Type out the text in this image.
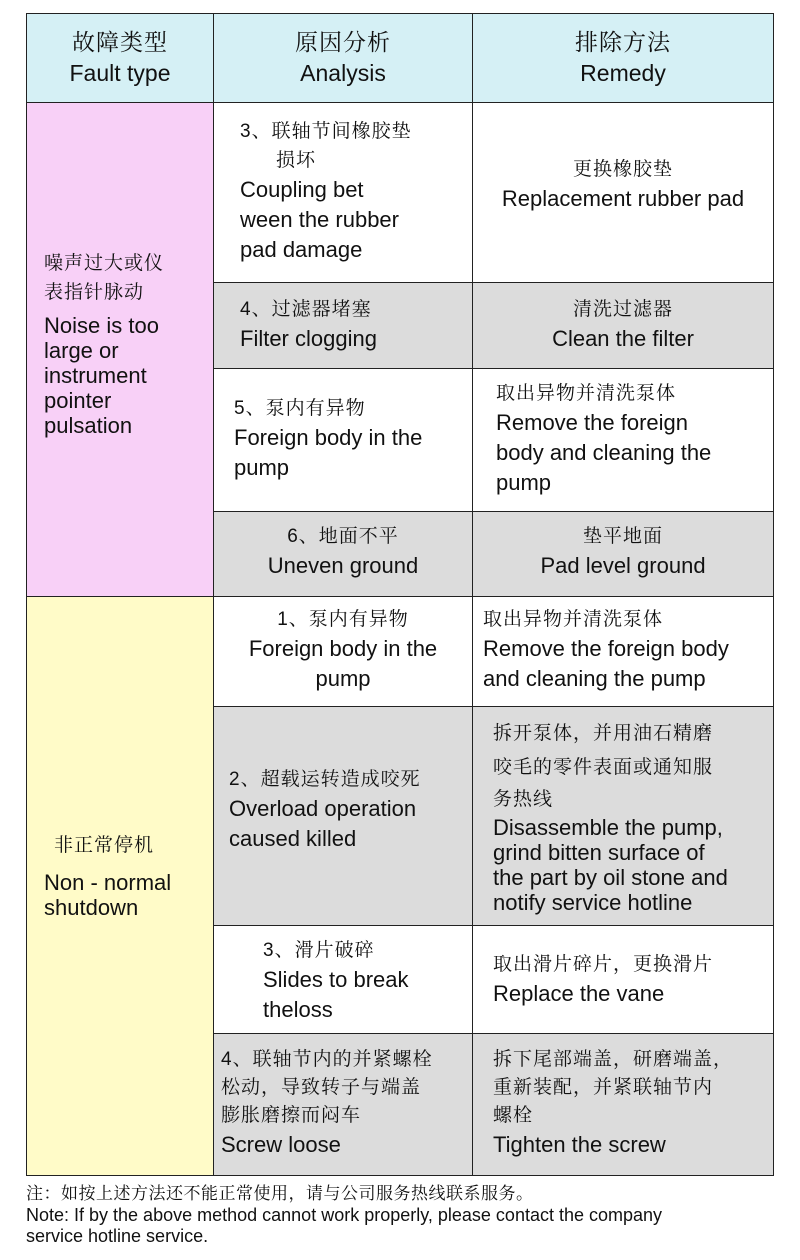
故障类型
Fault type
原因分析
Analysis
排除方法
Remedy
噪声过大或仪
表指针脉动
Noise is too
large or
instrument
pointer
pulsation
3、联轴节间橡胶垫
损坏
Coupling bet
ween the rubber
pad damage
更换橡胶垫
Replacement rubber pad
4、过滤器堵塞
Filter clogging
清洗过滤器
Clean the filter
5、泵内有异物
Foreign body in the
pump
取出异物并清洗泵体
Remove the foreign
body and cleaning the
pump
6、地面不平
Uneven ground
垫平地面
Pad level ground
非正常停机
Non - normal
shutdown
1、泵内有异物
Foreign body in the
pump
取出异物并清洗泵体
Remove the foreign body
and cleaning the pump
2、超载运转造成咬死
Overload operation
caused killed
拆开泵体，并用油石精磨
咬毛的零件表面或通知服
务热线
Disassemble the pump,
grind bitten surface of
the part by oil stone and
notify service hotline
3、滑片破碎
Slides to break
theloss
取出滑片碎片，更换滑片
Replace the vane
4、联轴节内的并紧螺栓
松动，导致转子与端盖
膨胀磨擦而闷车
Screw loose
拆下尾部端盖，研磨端盖，
重新装配，并紧联轴节内
螺栓
Tighten the screw
注：如按上述方法还不能正常使用，请与公司服务热线联系服务。
Note: If by the above method cannot work properly, please contact the company
service hotline service.
